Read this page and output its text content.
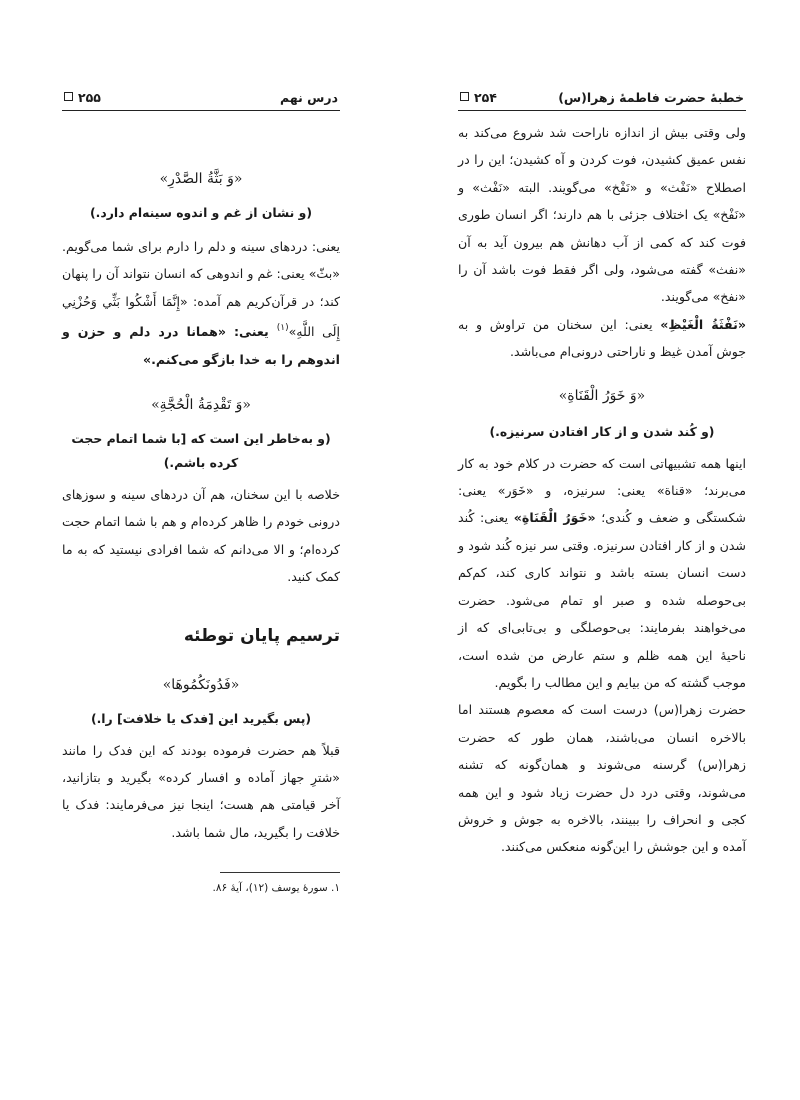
درس نهم
۲۵۵

«وَ بَثَّةُ الصَّدْرِ»

(و نشان از غم و اندوه سینه‌ام دارد.)

یعنی: دردهای سینه و دلم را دارم برای شما می‌گویم. «بثّ» یعنی: غم و اندوهی که انسان نتواند آن را پنهان کند؛ در قرآن‌کریم هم آمده: «إِنَّمَا أَشْكُوا بَثِّي وَحُزْنِي إِلَى اللَّهِ»$^{(۱)}$ یعنی: «همانا درد دلم و حزن و اندوهم را به خدا بازگو می‌کنم.»

«وَ تَقْدِمَةُ الْحُجَّةِ»

(و به‌خاطر این است که [با شما اتمام حجت کرده باشم.)

خلاصه با این سخنان، هم آن دردهای سینه و سوزهای درونی خودم را ظاهر کرده‌ام و هم با شما اتمام حجت کرده‌ام؛ و الا می‌دانم که شما افرادی نیستید که به ما کمک کنید.

ترسیم پایان توطئه

«فَدُونَكُمُوهَا»

(پس بگیرید این [فدک یا خلافت] را.)

قبلاً هم حضرت فرموده بودند که این فدک را مانند «شترِ جهاز آماده و افسار کرده» بگیرید و بتازانید، آخر قیامتی هم هست؛ اینجا نیز می‌فرمایند: فدک یا خلافت را بگیرید، مال شما باشد.

۱. سورهٔ یوسف (۱۲)، آیهٔ ۸۶.

خطبهٔ حضرت فاطمهٔ زهرا(س)
۲۵۴

ولی وقتی بیش از اندازه ناراحت شد شروع می‌کند به نفس عمیق کشیدن، فوت کردن و آه کشیدن؛ این را در اصطلاح «نَفْث» و «نَفْخ» می‌گویند. البته «نَفْث» و «نَفْخ» یک اختلاف جزئی با هم دارند؛ اگر انسان طوری فوت کند که کمی از آب دهانش هم بیرون آید به آن «نفث» گفته می‌شود، ولی اگر فقط فوت باشد آن را «نفخ» می‌گویند.

«نَفْثَةُ الْغَيْظِ» یعنی: این سخنان من تراوش و به جوش آمدن غیظ و ناراحتی درونی‌ام می‌باشد.

«وَ خَوَرُ الْقَنَاةِ»

(و کُند شدن و از کار افتادن سرنیزه.)

اینها همه تشبیهاتی است که حضرت در کلام خود به کار می‌برند؛ «قناة» یعنی: سرنیزه، و «خَوَر» یعنی: شکستگی و ضعف و کُندی؛ «خَوَرُ الْقَنَاةِ» یعنی: کُند شدن و از کار افتادن سرنیزه. وقتی سر نیزه کُند شود و دست انسان بسته باشد و نتواند کاری کند، کم‌کم بی‌حوصله شده و صبر او تمام می‌شود. حضرت می‌خواهند بفرمایند: بی‌حوصلگی و بی‌تابی‌ای که از ناحیهٔ این همه ظلم و ستم عارض من شده است، موجب گشته که من بیایم و این مطالب را بگویم.

حضرت زهرا(س) درست است که معصوم هستند اما بالاخره انسان می‌باشند، همان طور که حضرت زهرا(س) گرسنه می‌شوند و همان‌گونه که تشنه می‌شوند، وقتی درد دل حضرت زیاد شود و این همه کجی و انحراف را ببینند، بالاخره به جوش و خروش آمده و این جوشش را این‌گونه منعکس می‌کنند.
